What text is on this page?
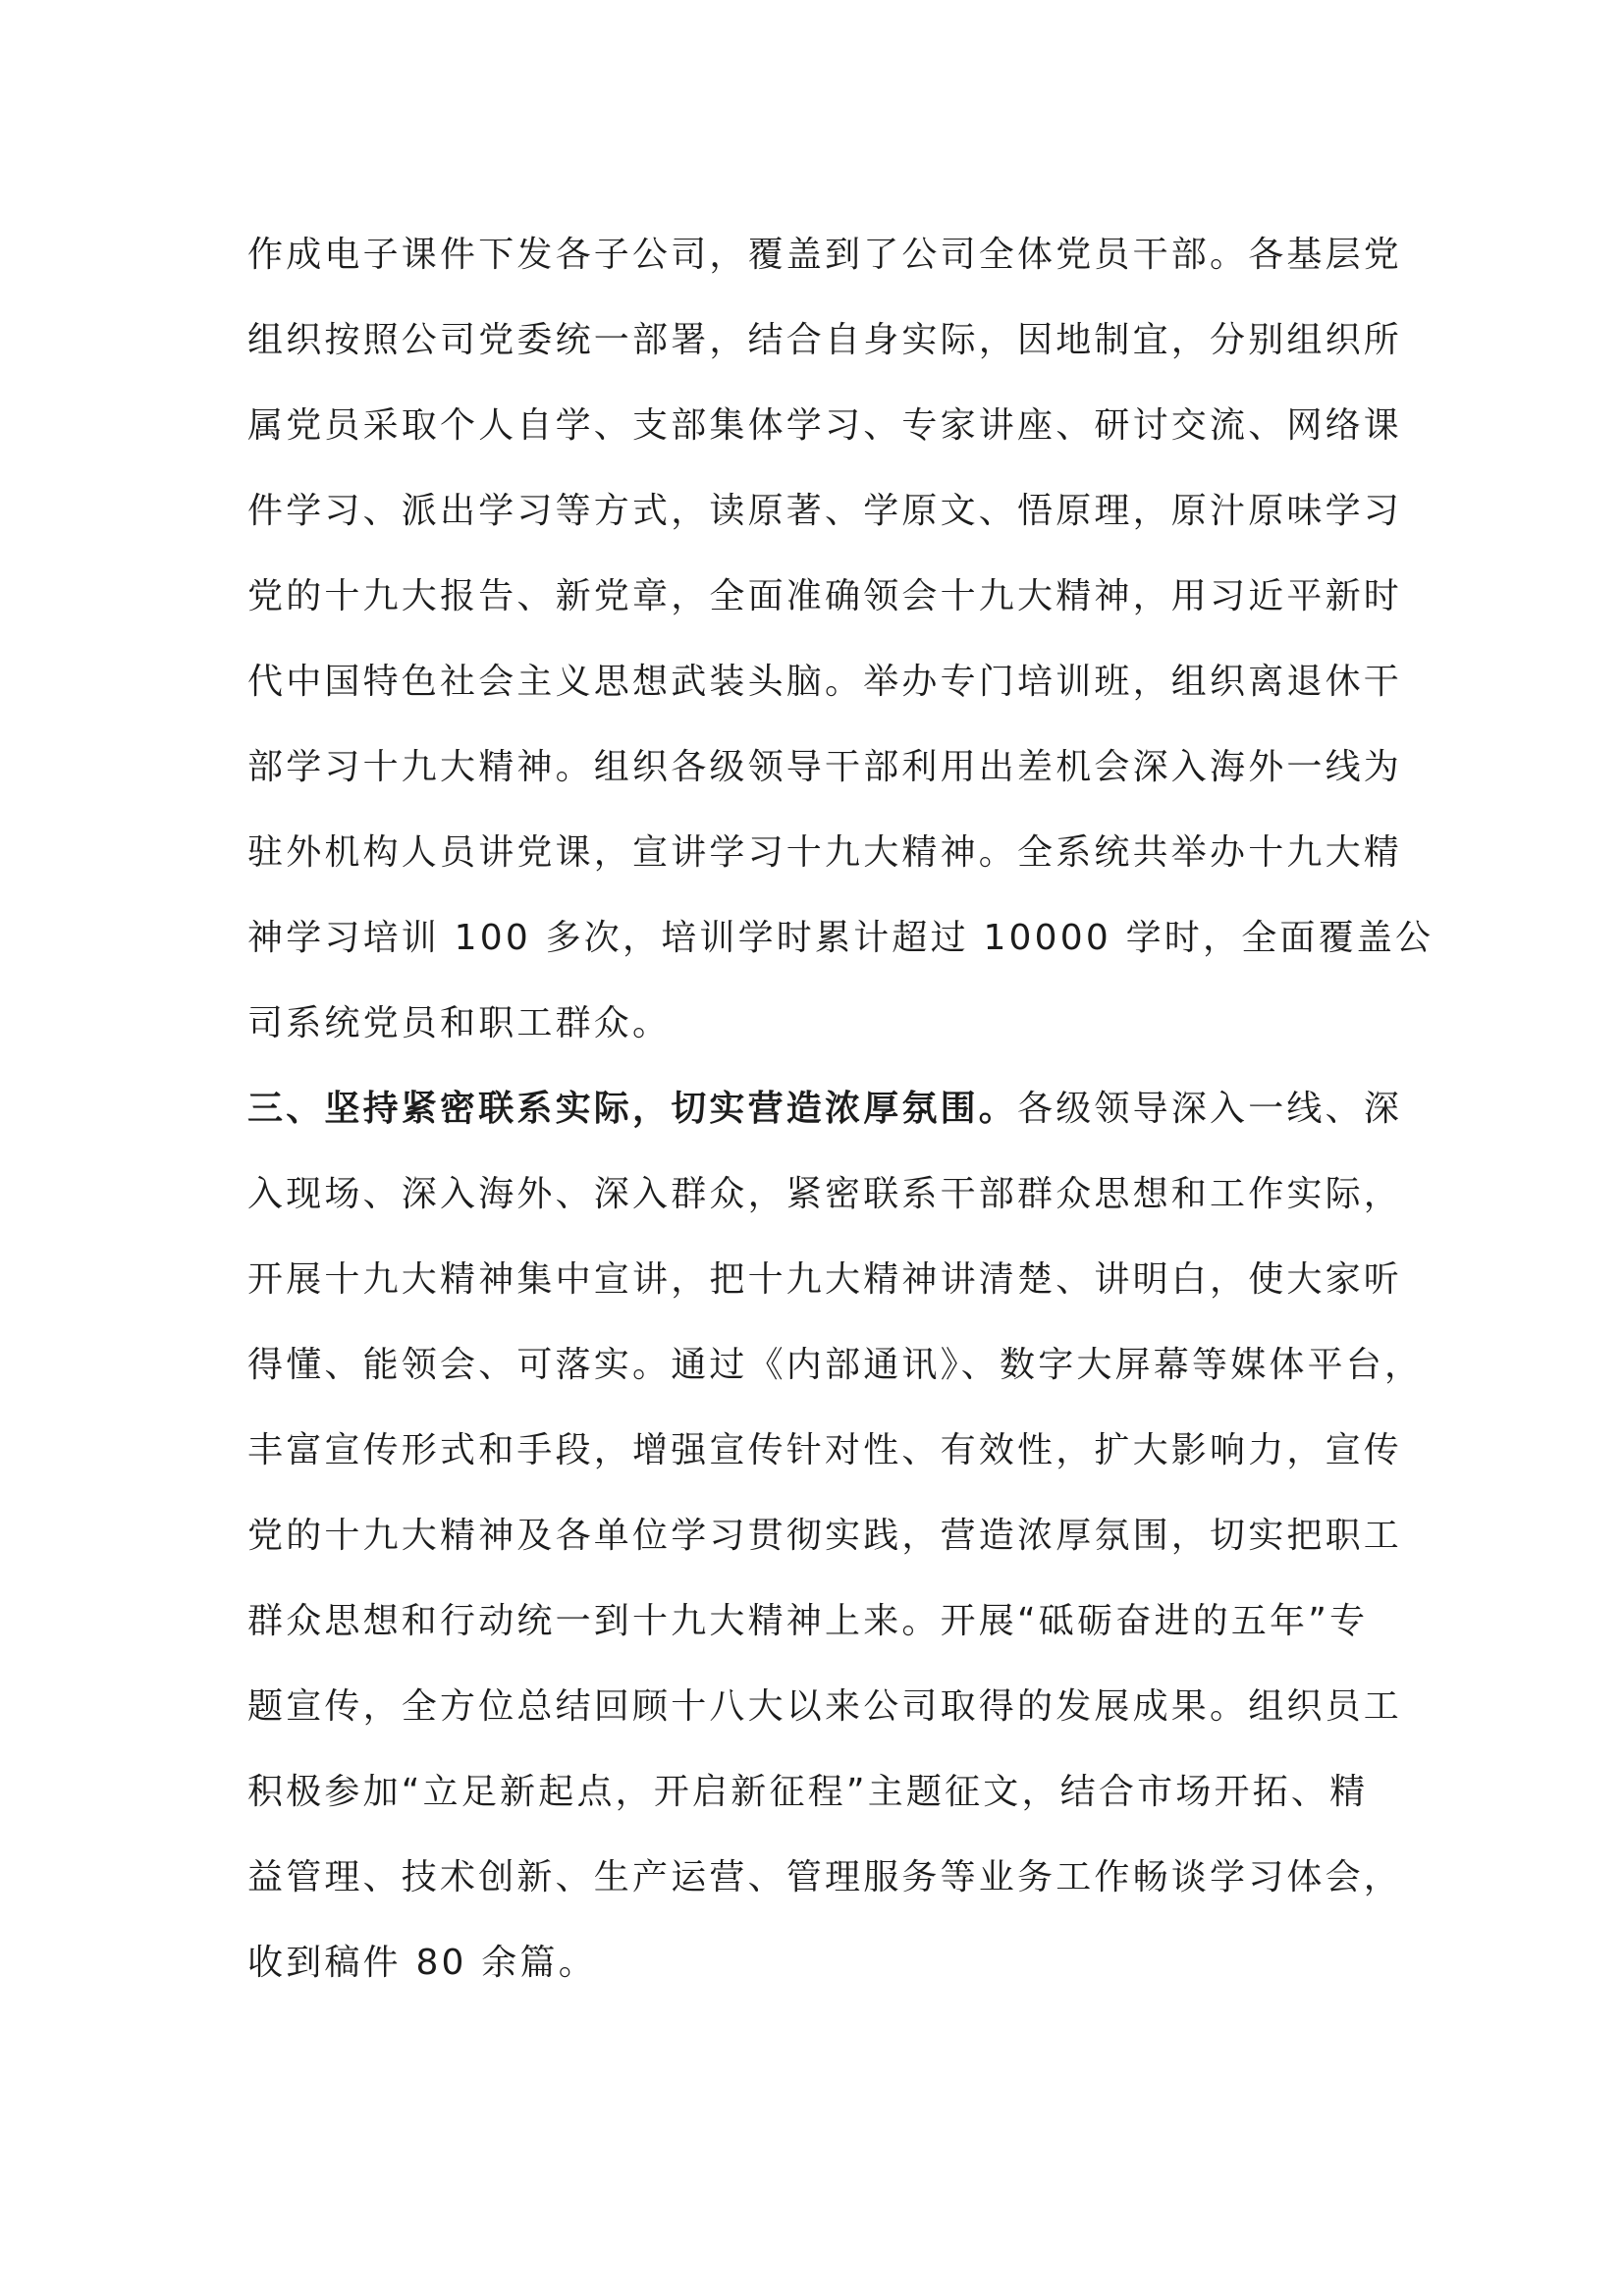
作成电子课件下发各子公司，覆盖到了公司全体党员干部。各基层党
组织按照公司党委统一部署，结合自身实际，因地制宜，分别组织所
属党员采取个人自学、支部集体学习、专家讲座、研讨交流、网络课
件学习、派出学习等方式，读原著、学原文、悟原理，原汁原味学习
党的十九大报告、新党章，全面准确领会十九大精神，用习近平新时
代中国特色社会主义思想武装头脑。举办专门培训班，组织离退休干
部学习十九大精神。组织各级领导干部利用出差机会深入海外一线为
驻外机构人员讲党课，宣讲学习十九大精神。全系统共举办十九大精
神学习培训 100 多次，培训学时累计超过 10000 学时，全面覆盖公
司系统党员和职工群众。
三、坚持紧密联系实际，切实营造浓厚氛围。各级领导深入一线、深
入现场、深入海外、深入群众，紧密联系干部群众思想和工作实际，
开展十九大精神集中宣讲，把十九大精神讲清楚、讲明白，使大家听
得懂、能领会、可落实。通过《内部通讯》、数字大屏幕等媒体平台，
丰富宣传形式和手段，增强宣传针对性、有效性，扩大影响力，宣传
党的十九大精神及各单位学习贯彻实践，营造浓厚氛围，切实把职工
群众思想和行动统一到十九大精神上来。开展“砥砺奋进的五年”专
题宣传，全方位总结回顾十八大以来公司取得的发展成果。组织员工
积极参加“立足新起点，开启新征程”主题征文，结合市场开拓、精
益管理、技术创新、生产运营、管理服务等业务工作畅谈学习体会，
收到稿件 80 余篇。
